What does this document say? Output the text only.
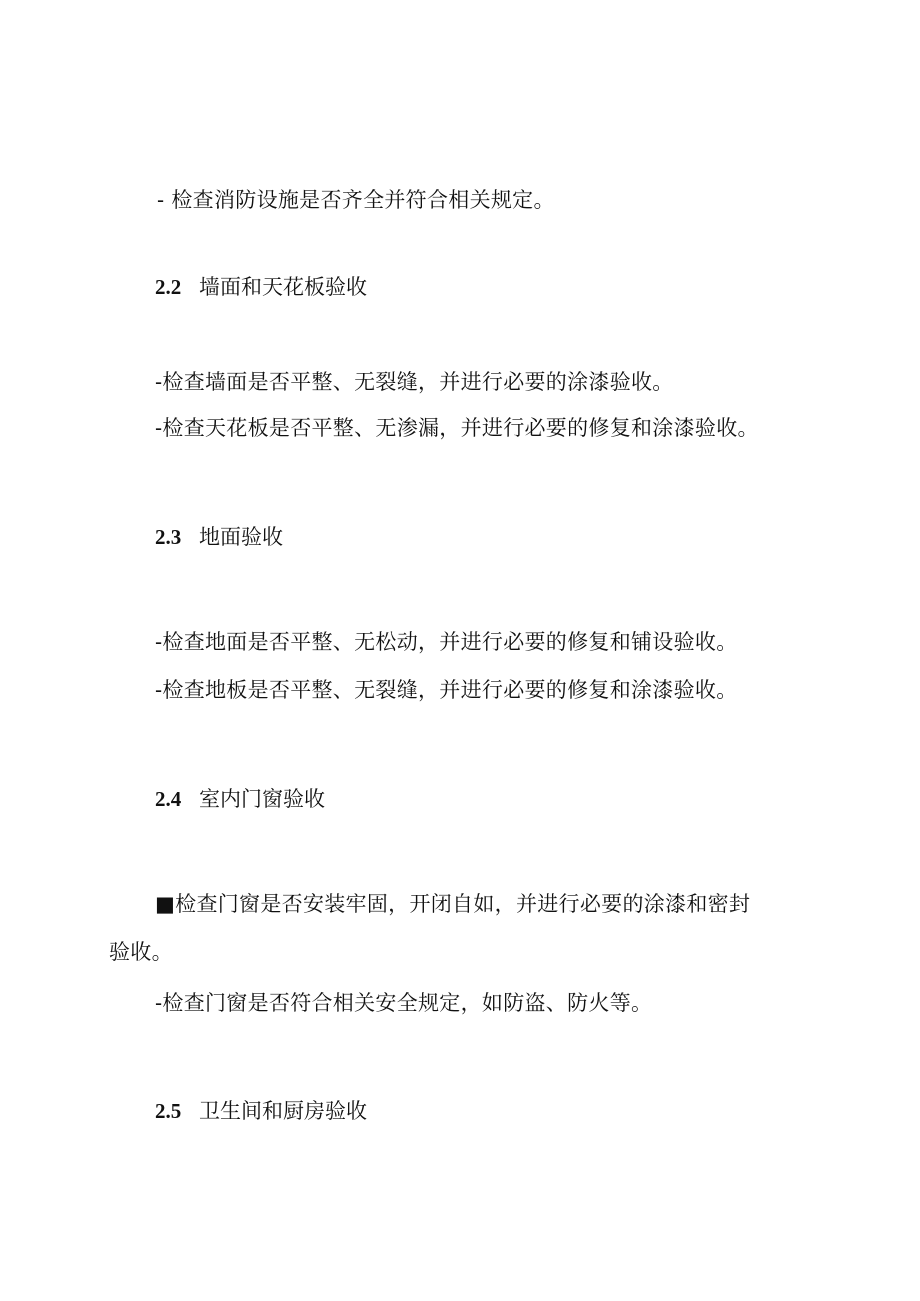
- 检查消防设施是否齐全并符合相关规定。
2.2 墙面和天花板验收
-检查墙面是否平整、无裂缝，并进行必要的涂漆验收。
-检查天花板是否平整、无渗漏，并进行必要的修复和涂漆验收。
2.3 地面验收
-检查地面是否平整、无松动，并进行必要的修复和铺设验收。
-检查地板是否平整、无裂缝，并进行必要的修复和涂漆验收。
2.4 室内门窗验收
■检查门窗是否安装牢固，开闭自如，并进行必要的涂漆和密封
验收。
-检查门窗是否符合相关安全规定，如防盗、防火等。
2.5 卫生间和厨房验收
